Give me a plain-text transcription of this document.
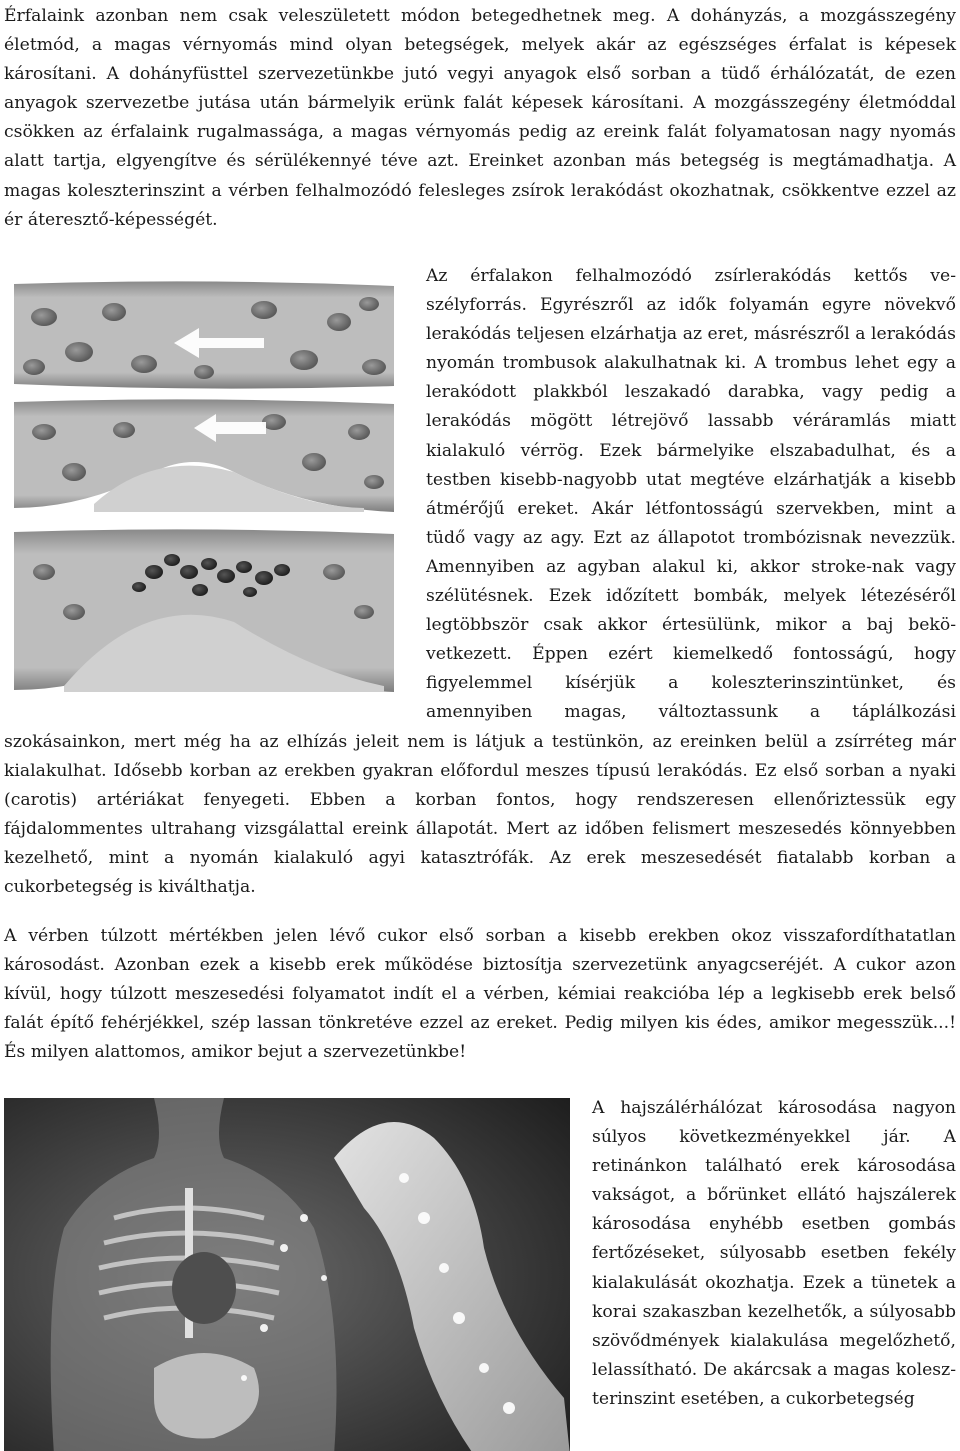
Érfalaink azonban nem csak veleszületett módon betegedhetnek meg. A dohányzás, a mozgásszegény életmód, a magas vérnyomás mind olyan betegségek, melyek akár az egészséges érfalat is képesek károsítani. A dohányfüsttel szervezetünkbe jutó vegyi anyagok első sorban a tüdő érhálózatát, de ezen anyagok szervezetbe jutása után bármelyik erünk falát képesek károsítani. A mozgásszegény életmóddal csökken az érfalaink rugalmassága, a magas vérnyomás pedig az ereink falát folyamatosan nagy nyomás alatt tartja, elgyengítve és sérülékennyé téve azt. Ereinket azonban más betegség is megtámadhatja. A magas koleszterinszint a vérben felhalmozódó felesleges zsírok lerakódást okozhatnak, csökkentve ezzel az ér áteresztő-képességét.

Az érfalakon felhalmozódó zsírlerakódás kettős veszélyforrás. Egyrészről az idők folyamán egyre növekvő lerakódás teljesen elzárhatja az eret, másrészről a lerakódás nyomán trombusok alakulhatnak ki. A trombus lehet egy a lerakódott plakkból leszakadó darabka, vagy pedig a lerakódás mögött létrejövő lassabb véráramlás miatt kialakuló vérrög. Ezek bármelyike elszabadulhat, és a testben kisebb-nagyobb utat megtéve elzárhatják a kisebb átmérőjű ereket. Akár létfontosságú szervekben, mint a tüdő vagy az agy. Ezt az állapotot trombózisnak nevezzük. Amennyiben az agyban alakul ki, akkor stroke-nak vagy szélütésnek. Ezek időzített bombák, melyek létezéséről legtöbbször csak akkor értesülünk, mikor a baj bekövetkezett. Éppen ezért kiemelkedő fontosságú, hogy figyelemmel kísérjük a koleszterinszintünket, és amennyiben magas, változtassunk a táplálkozási szokásainkon, mert még ha az elhízás jeleit nem is látjuk a testünkön, az ereinken belül a zsírréteg már kialakulhat. Idősebb korban az erekben gyakran előfordul meszes típusú lerakódás. Ez első sorban a nyaki (carotis) artériákat fenyegeti. Ebben a korban fontos, hogy rendszeresen ellenőriztessük egy fájdalommentes ultrahang vizsgálattal ereink állapotát. Mert az időben felismert meszesedés könnyebben kezelhető, mint a nyomán kialakuló agyi katasztrófák. Az erek meszesedését fiatalabb korban a cukorbetegség is kiválthatja.

A vérben túlzott mértékben jelen lévő cukor első sorban a kisebb erekben okoz visszafordíthatatlan károsodást. Azonban ezek a kisebb erek működése biztosítja szervezetünk anyagcseréjét. A cukor azon kívül, hogy túlzott meszesedési folyamatot indít el a vérben, kémiai reakcióba lép a legkisebb erek belső falát építő fehérjékkel, szép lassan tönkretéve ezzel az ereket. Pedig milyen kis édes, amikor megesszük...! És milyen alattomos, amikor bejut a szervezetünkbe!

A hajszálérhálózat károsodása nagyon súlyos következményekkel jár. A retinánkon található erek károsodása vakságot, a bőrünket ellátó hajszálerek károsodása enyhébb esetben gombás fertőzéseket, súlyosabb esetben fekély kialakulását okozhatja. Ezek a tünetek a korai szakaszban kezelhetők, a súlyosabb szövődmények kialakulása megelőzhető, lelassítható. De akárcsak a magas koleszterinszint esetében, a cukorbetegség
